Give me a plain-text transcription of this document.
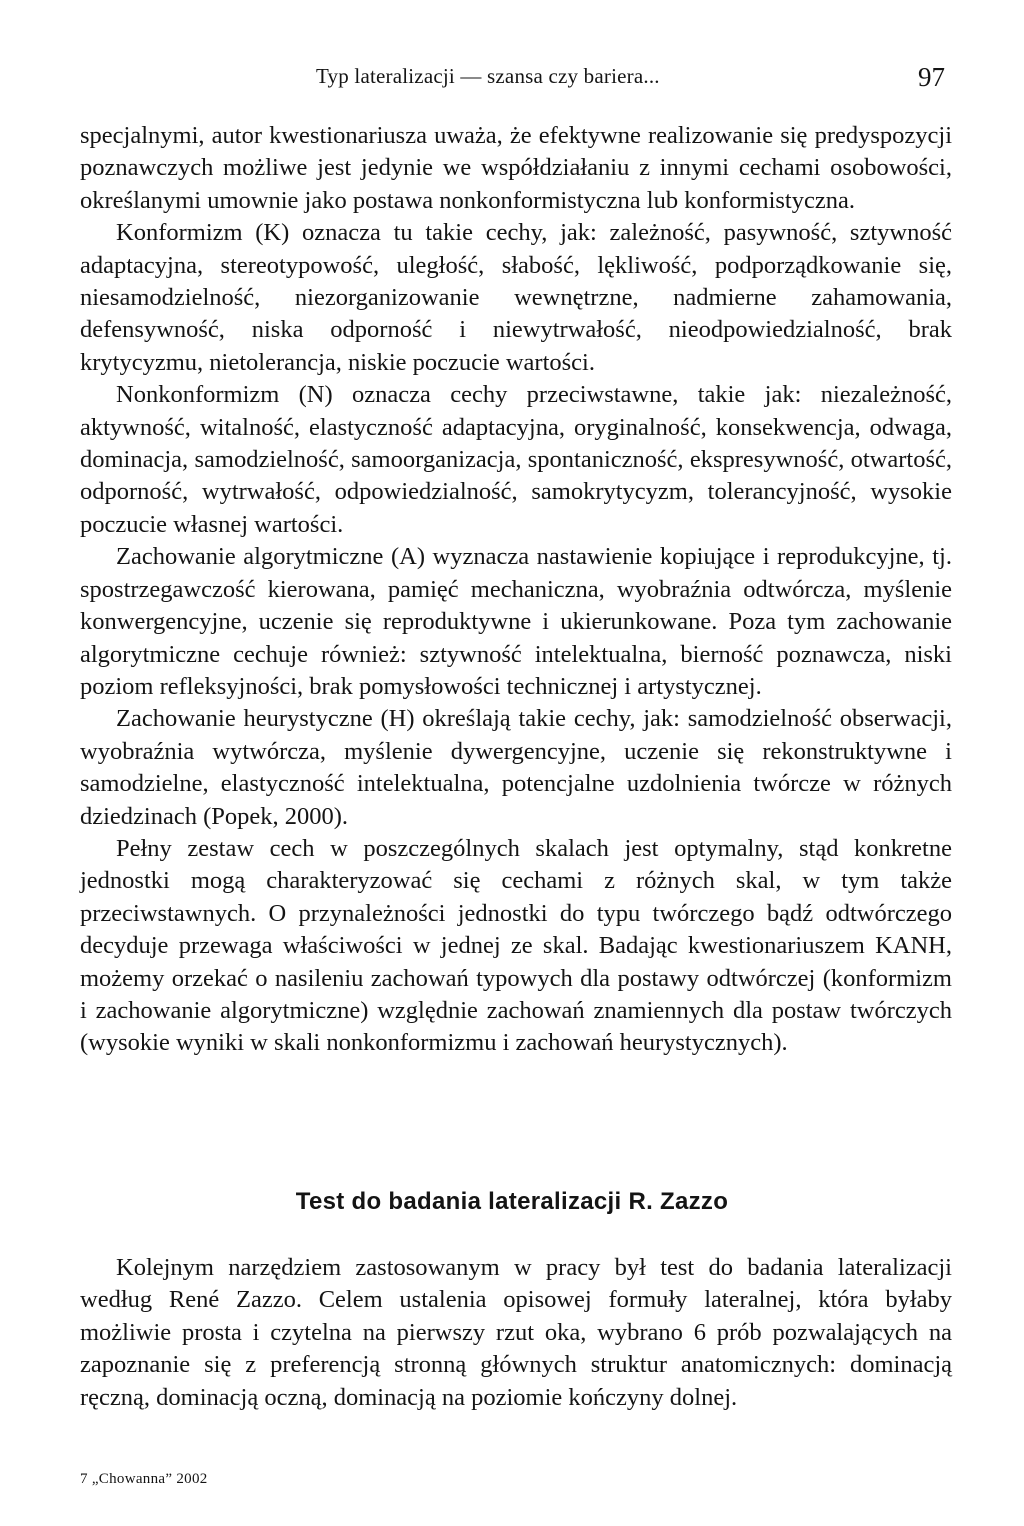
Typ lateralizacji — szansa czy bariera...	97

specjalnymi, autor kwestionariusza uważa, że efektywne realizowanie się predyspozycji poznawczych możliwe jest jedynie we współdziałaniu z innymi cechami osobowości, określanymi umownie jako postawa nonkonformistyczna lub konformistyczna.

Konformizm (K) oznacza tu takie cechy, jak: zależność, pasywność, sztywność adaptacyjna, stereotypowość, uległość, słabość, lękliwość, podporządkowanie się, niesamodzielność, niezorganizowanie wewnętrzne, nadmierne zahamowania, defensywność, niska odporność i niewytrwałość, nieodpowiedzialność, brak krytycyzmu, nietolerancja, niskie poczucie wartości.

Nonkonformizm (N) oznacza cechy przeciwstawne, takie jak: niezależność, aktywność, witalność, elastyczność adaptacyjna, oryginalność, konsekwencja, odwaga, dominacja, samodzielność, samoorganizacja, spontaniczność, ekspresywność, otwartość, odporność, wytrwałość, odpowiedzialność, samokrytycyzm, tolerancyjność, wysokie poczucie własnej wartości.

Zachowanie algorytmiczne (A) wyznacza nastawienie kopiujące i reprodukcyjne, tj. spostrzegawczość kierowana, pamięć mechaniczna, wyobraźnia odtwórcza, myślenie konwergencyjne, uczenie się reproduktywne i ukierunkowane. Poza tym zachowanie algorytmiczne cechuje również: sztywność intelektualna, bierność poznawcza, niski poziom refleksyjności, brak pomysłowości technicznej i artystycznej.

Zachowanie heurystyczne (H) określają takie cechy, jak: samodzielność obserwacji, wyobraźnia wytwórcza, myślenie dywergencyjne, uczenie się rekonstruktywne i samodzielne, elastyczność intelektualna, potencjalne uzdolnienia twórcze w różnych dziedzinach (Popek, 2000).

Pełny zestaw cech w poszczególnych skalach jest optymalny, stąd konkretne jednostki mogą charakteryzować się cechami z różnych skal, w tym także przeciwstawnych. O przynależności jednostki do typu twórczego bądź odtwórczego decyduje przewaga właściwości w jednej ze skal. Badając kwestionariuszem KANH, możemy orzekać o nasileniu zachowań typowych dla postawy odtwórczej (konformizm i zachowanie algorytmiczne) względnie zachowań znamiennych dla postaw twórczych (wysokie wyniki w skali nonkonformizmu i zachowań heurystycznych).

Test do badania lateralizacji R. Zazzo

Kolejnym narzędziem zastosowanym w pracy był test do badania lateralizacji według René Zazzo. Celem ustalenia opisowej formuły lateralnej, która byłaby możliwie prosta i czytelna na pierwszy rzut oka, wybrano 6 prób pozwalających na zapoznanie się z preferencją stronną głównych struktur anatomicznych: dominacją ręczną, dominacją oczną, dominacją na poziomie kończyny dolnej.

7 „Chowanna” 2002
